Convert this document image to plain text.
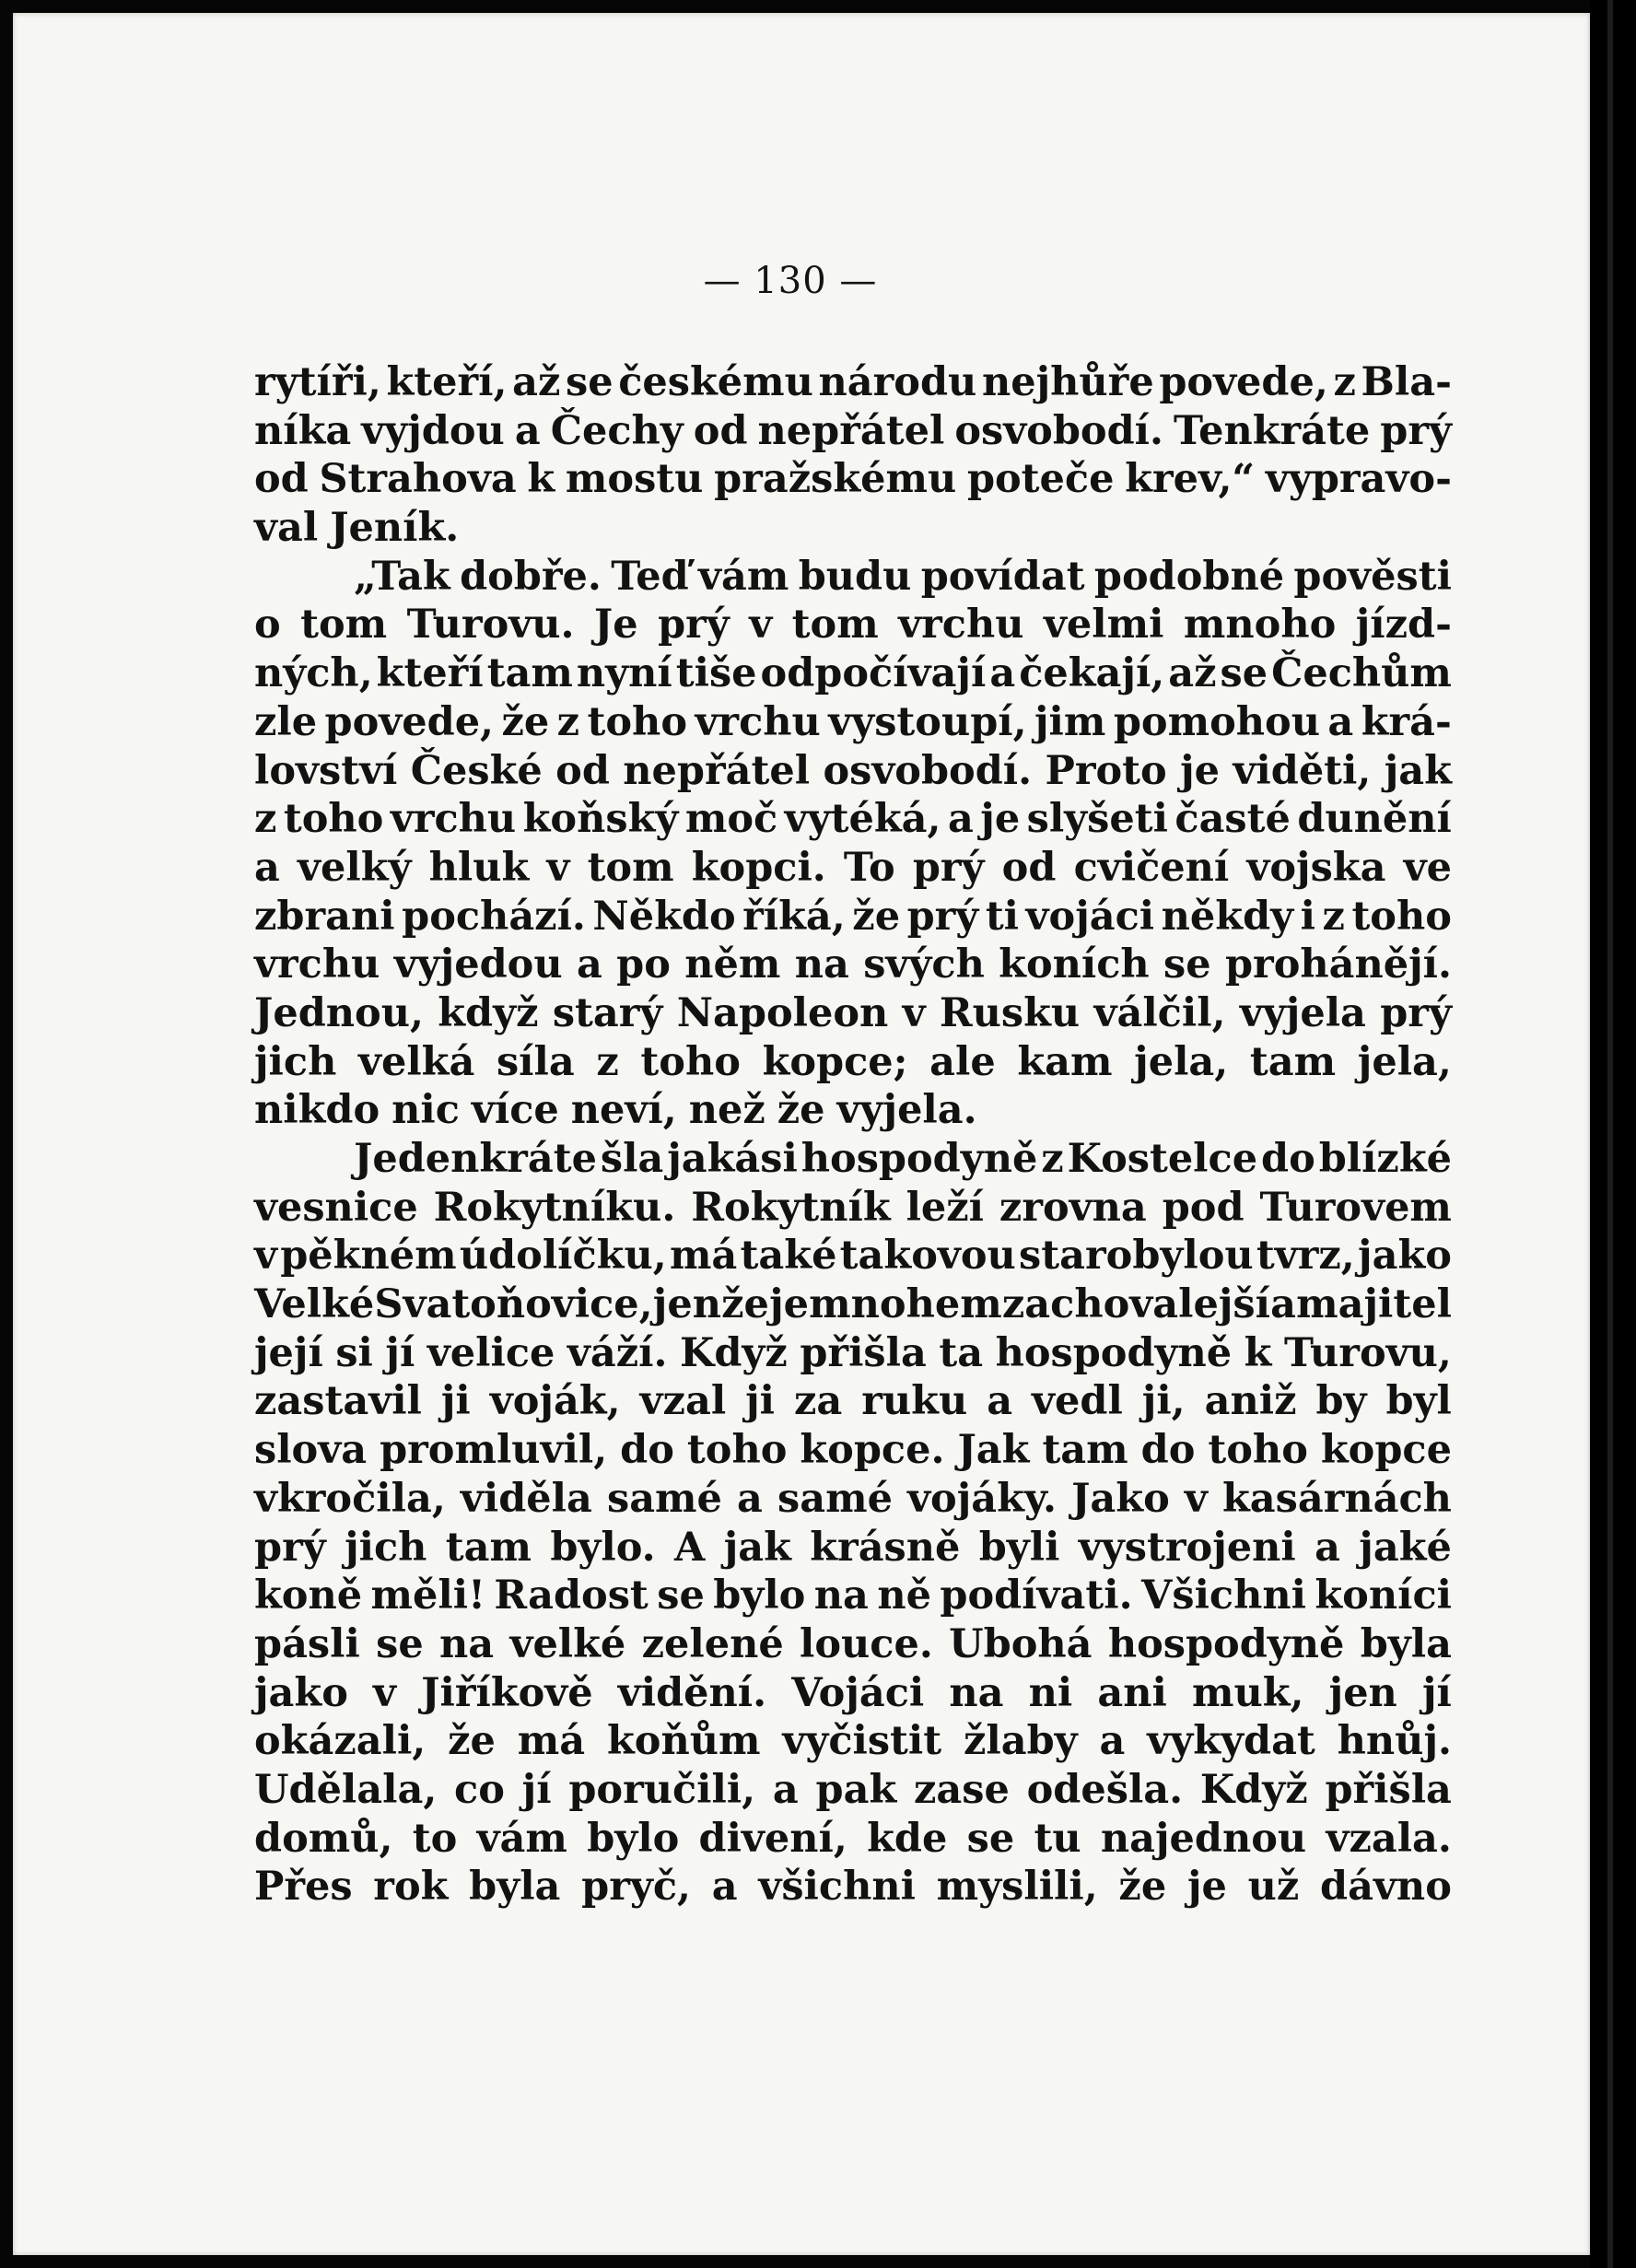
— 130 —
rytíři, kteří, až se českému národu nejhůře povede, z Bla-
níka vyjdou a Čechy od nepřátel osvobodí. Tenkráte prý
od Strahova k mostu pražskému poteče krev,“ vypravo-
val Jeník.
„Tak dobře. Teď vám budu povídat podobné pověsti
o tom Turovu. Je prý v tom vrchu velmi mnoho jízd-
ných, kteří tam nyní tiše odpočívají a čekají, až se Čechům
zle povede, že z toho vrchu vystoupí, jim pomohou a krá-
lovství České od nepřátel osvobodí. Proto je viděti, jak
z toho vrchu koňský moč vytéká, a je slyšeti časté dunění
a velký hluk v tom kopci. To prý od cvičení vojska ve
zbrani pochází. Někdo říká, že prý ti vojáci někdy i z toho
vrchu vyjedou a po něm na svých koních se prohánějí.
Jednou, když starý Napoleon v Rusku válčil, vyjela prý
jich velká síla z toho kopce; ale kam jela, tam jela,
nikdo nic více neví, než že vyjela.
Jedenkráte šla jakási hospodyně z Kostelce do blízké
vesnice Rokytníku. Rokytník leží zrovna pod Turovem
v pěkném údolíčku, má také takovou starobylou tvrz, jako
Velké Svatoňovice, jen že je mnohem zachovalejší a majitel
její si jí velice váží. Když přišla ta hospodyně k Turovu,
zastavil ji voják, vzal ji za ruku a vedl ji, aniž by byl
slova promluvil, do toho kopce. Jak tam do toho kopce
vkročila, viděla samé a samé vojáky. Jako v kasárnách
prý jich tam bylo. A jak krásně byli vystrojeni a jaké
koně měli! Radost se bylo na ně podívati. Všichni koníci
pásli se na velké zelené louce. Ubohá hospodyně byla
jako v Jiříkově vidění. Vojáci na ni ani muk, jen jí
okázali, že má koňům vyčistit žlaby a vykydat hnůj.
Udělala, co jí poručili, a pak zase odešla. Když přišla
domů, to vám bylo divení, kde se tu najednou vzala.
Přes rok byla pryč, a všichni myslili, že je už dávno
